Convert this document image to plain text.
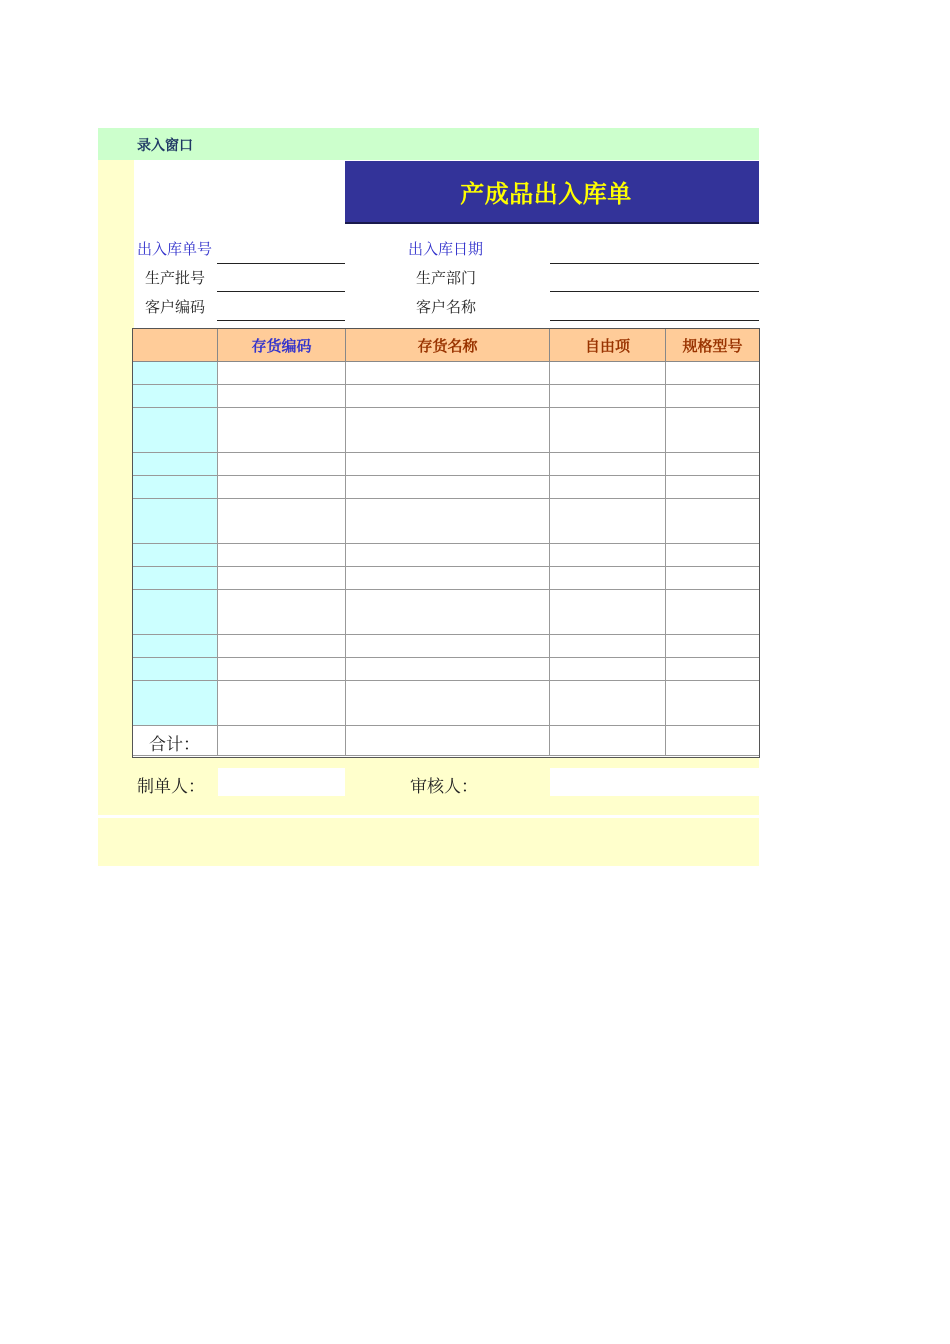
录入窗口
产成品出入库单
出入库单号	出入库日期
生产批号	生产部门
客户编码	客户名称
存货编码	存货名称	自由项	规格型号
合计：
制单人：	审核人：
